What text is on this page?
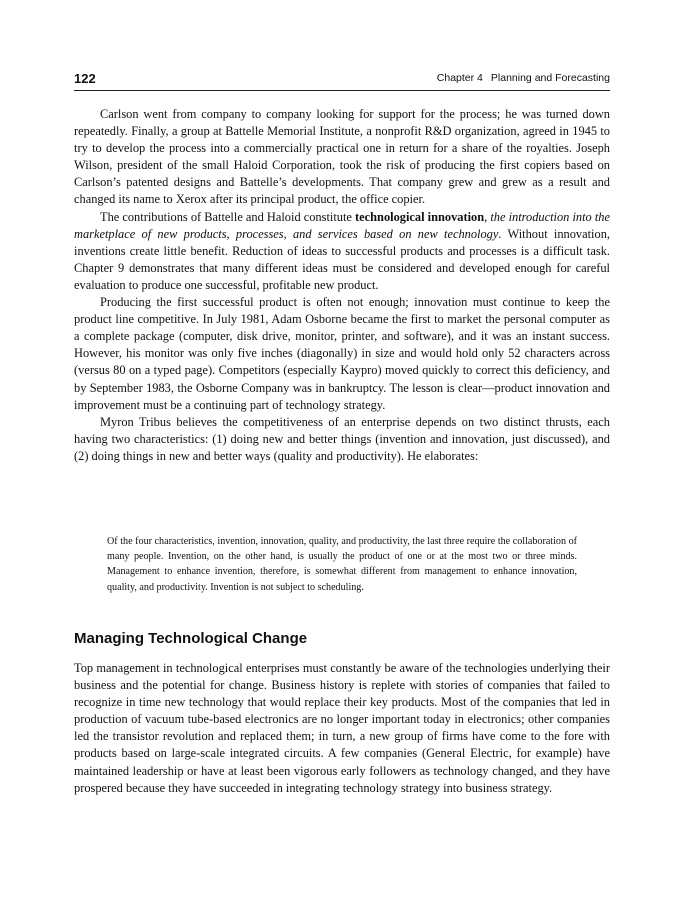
122	Chapter 4 Planning and Forecasting

Carlson went from company to company looking for support for the process; he was turned down repeatedly. Finally, a group at Battelle Memorial Institute, a nonprofit R&D organization, agreed in 1945 to try to develop the process into a commercially practical one in return for a share of the royalties. Joseph Wilson, president of the small Haloid Corporation, took the risk of producing the first copiers based on Carlson’s patented designs and Battelle’s developments. That company grew and grew as a result and changed its name to Xerox after its principal product, the office copier.

The contributions of Battelle and Haloid constitute technological innovation, the introduction into the marketplace of new products, processes, and services based on new technology. Without innovation, inventions create little benefit. Reduction of ideas to successful products and processes is a difficult task. Chapter 9 demonstrates that many different ideas must be considered and developed enough for careful evaluation to produce one successful, profitable new product.

Producing the first successful product is often not enough; innovation must continue to keep the product line competitive. In July 1981, Adam Osborne became the first to market the personal computer as a complete package (computer, disk drive, monitor, printer, and software), and it was an instant success. However, his monitor was only five inches (diagonally) in size and would hold only 52 characters across (versus 80 on a typed page). Competitors (especially Kaypro) moved quickly to correct this deficiency, and by September 1983, the Osborne Company was in bankruptcy. The lesson is clear—product innovation and improvement must be a continuing part of technology strategy.

Myron Tribus believes the competitiveness of an enterprise depends on two distinct thrusts, each having two characteristics: (1) doing new and better things (invention and innovation, just discussed), and (2) doing things in new and better ways (quality and productivity). He elaborates:

Of the four characteristics, invention, innovation, quality, and productivity, the last three require the collaboration of many people. Invention, on the other hand, is usually the product of one or at the most two or three minds. Management to enhance invention, therefore, is somewhat different from management to enhance innovation, quality, and productivity. Invention is not subject to scheduling.

Managing Technological Change

Top management in technological enterprises must constantly be aware of the technologies underlying their business and the potential for change. Business history is replete with stories of companies that failed to recognize in time new technology that would replace their key products. Most of the companies that led in production of vacuum tube-based electronics are no longer important today in electronics; other companies led the transistor revolution and replaced them; in turn, a new group of firms have come to the fore with products based on large-scale integrated circuits. A few companies (General Electric, for example) have maintained leadership or have at least been vigorous early followers as technology changed, and they have prospered because they have succeeded in integrating technology strategy into business strategy.
